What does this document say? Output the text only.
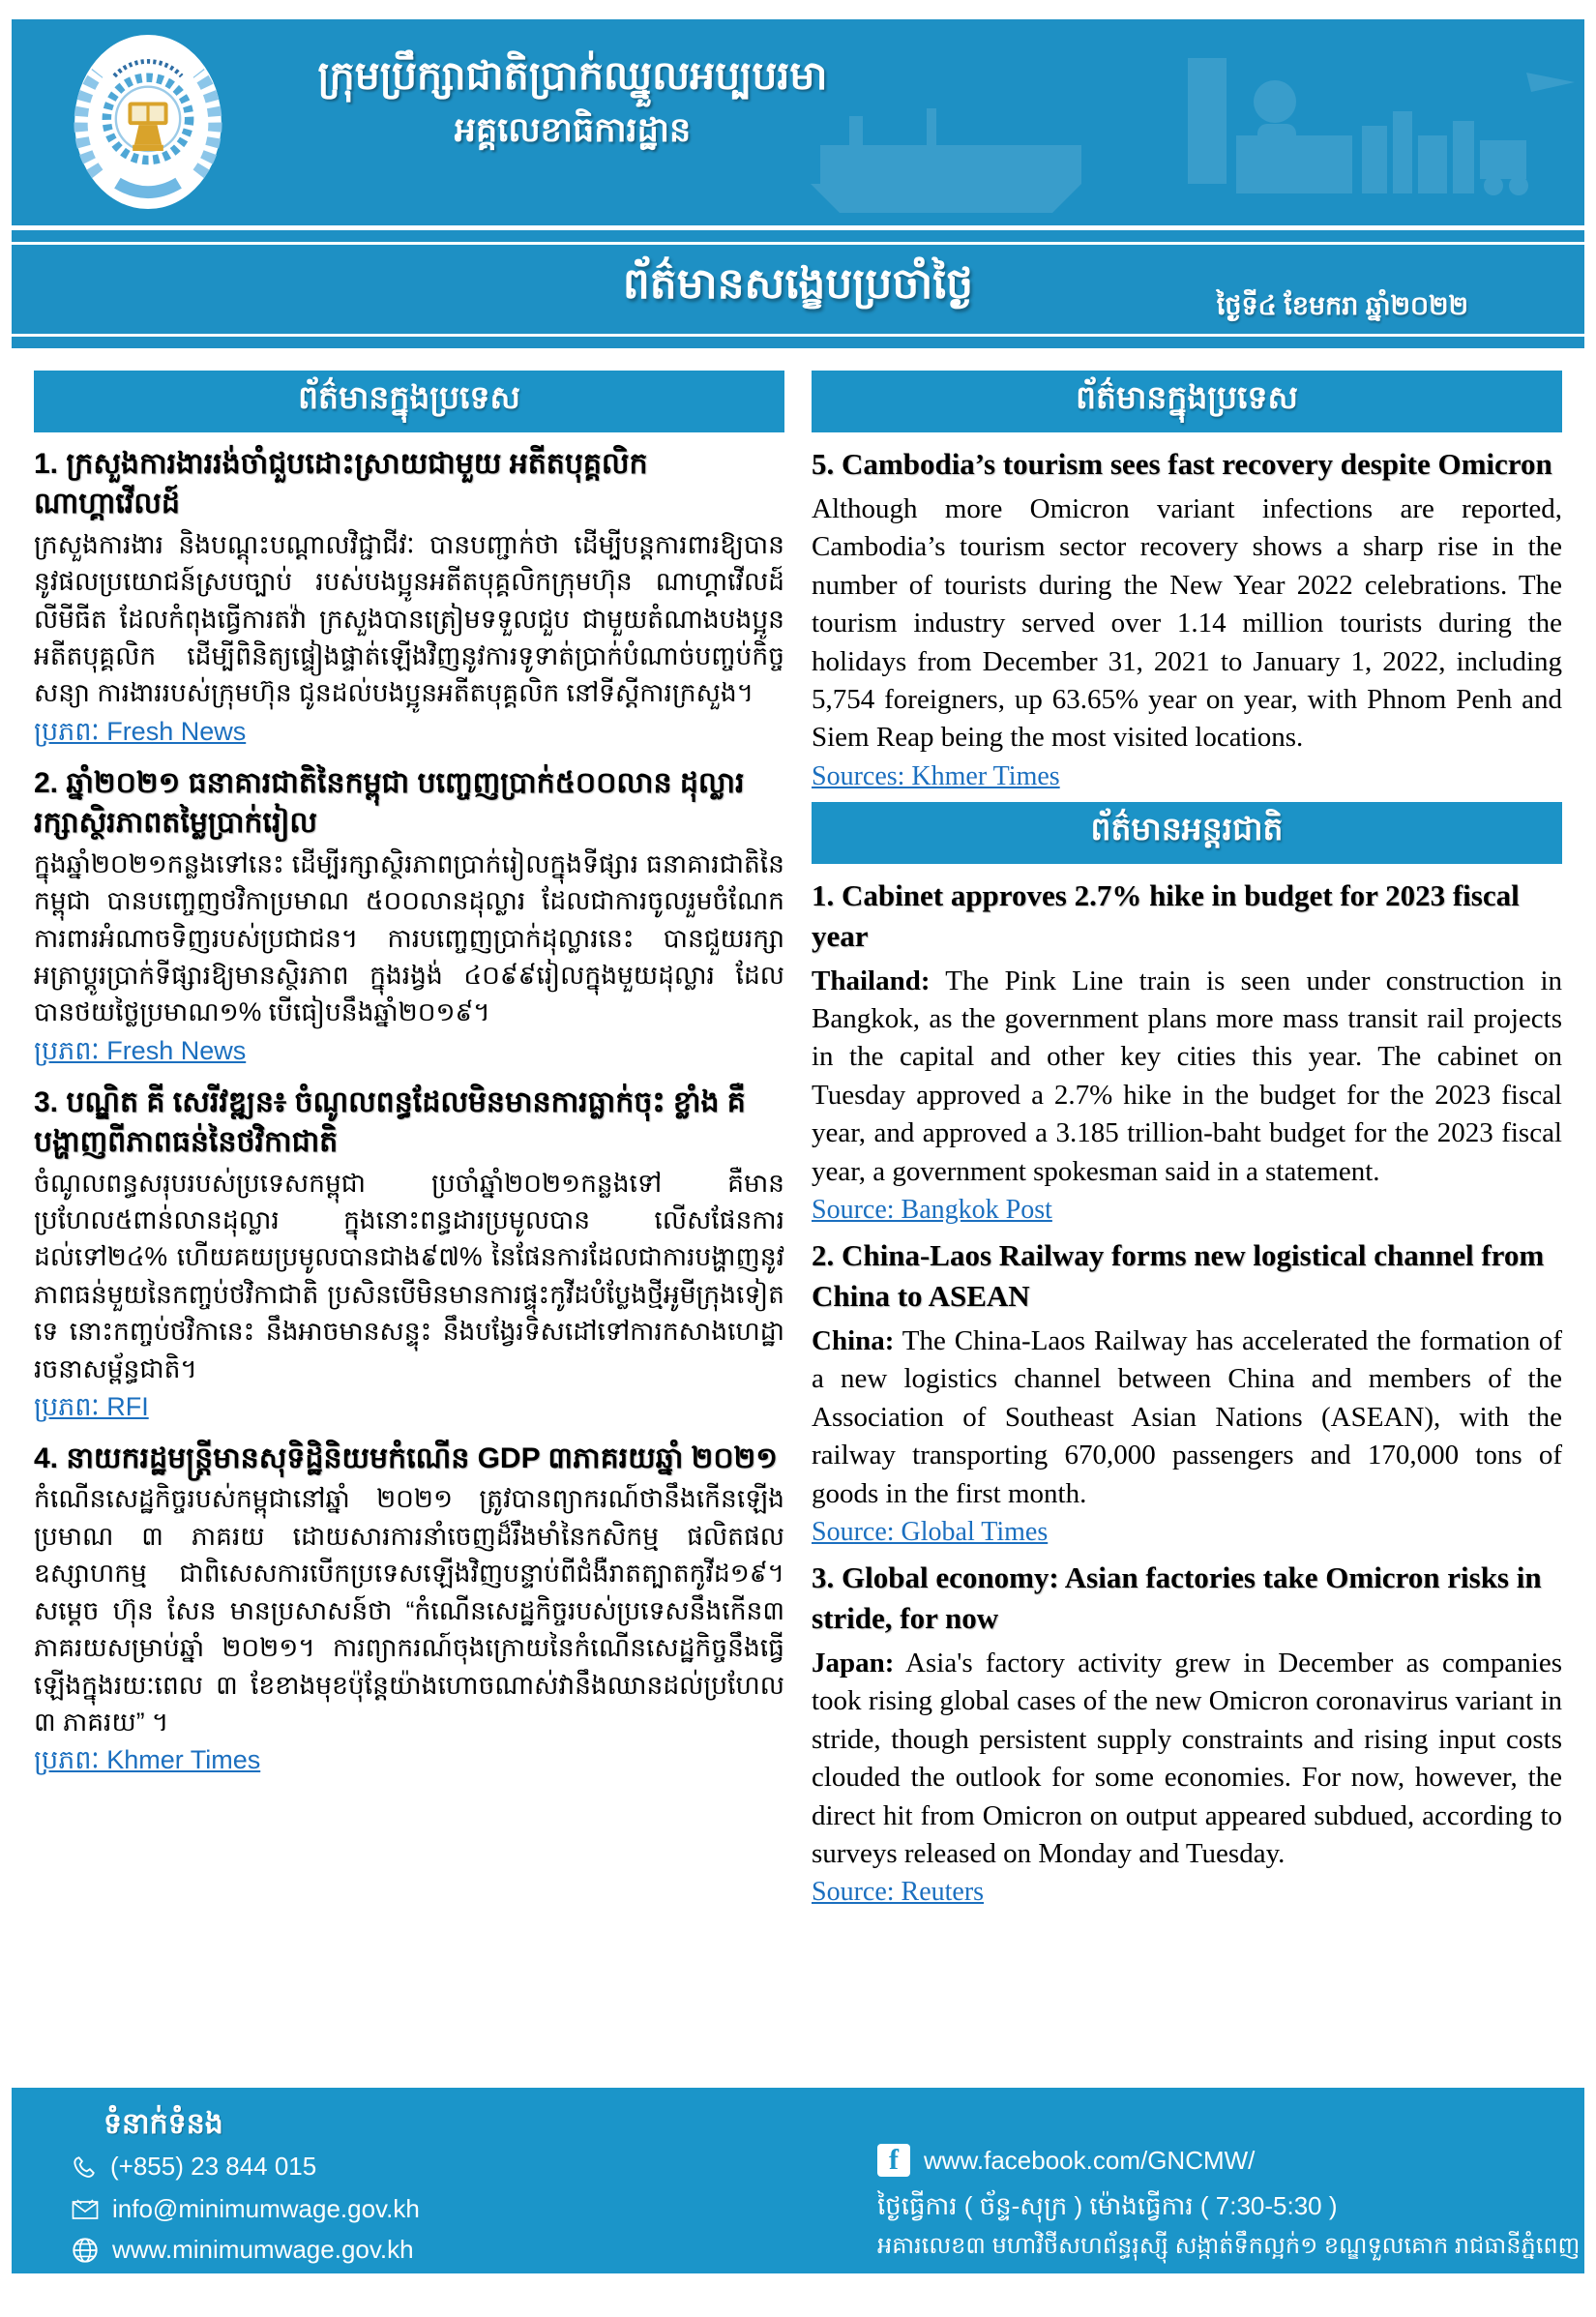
ក្រុមប្រឹក្សាជាតិប្រាក់ឈ្នួលអប្បបរមា
អគ្គលេខាធិការដ្ឋាន
ព័ត៌មានសង្ខេបប្រចាំថ្ងៃ	ថ្ងៃទី៤ ខែមករា ឆ្នាំ២០២២
ព័ត៌មានក្នុងប្រទេស
1. ក្រសួងការងាររង់ចាំជួបដោះស្រាយជាមួយ អតីតបុគ្គលិក ណាហ្គាវើលដ៍

ក្រសួងការងារ និងបណ្តុះបណ្តាលវិជ្ជាជីវៈ បានបញ្ជាក់ថា ដើម្បីបន្តការពារឱ្យបាននូវផលប្រយោជន៍ស្របច្បាប់ របស់បងប្អូនអតីតបុគ្គលិកក្រុមហ៊ុន ណាហ្គាវើលដ៍ លីមីធីត ដែលកំពុងធ្វើការតវ៉ា ក្រសួងបានត្រៀមទទួលជួប ជាមួយតំណាងបងប្អូនអតីតបុគ្គលិក ដើម្បីពិនិត្យផ្ទៀងផ្ទាត់ឡើងវិញនូវការទូទាត់ប្រាក់បំណាច់បញ្ចប់កិច្ចសន្យា ការងាររបស់ក្រុមហ៊ុន ជូនដល់បងប្អូនអតីតបុគ្គលិក នៅទីស្តីការក្រសួង។

ប្រភពៈ Fresh News
2. ឆ្នាំ២០២១ ធនាគារជាតិនៃកម្ពុជា បញ្ចេញប្រាក់៥០០លាន ដុល្លារ រក្សាស្ថិរភាពតម្លៃប្រាក់រៀល

ក្នុងឆ្នាំ២០២១កន្លងទៅនេះ ដើម្បីរក្សាស្ថិរភាពប្រាក់រៀលក្នុងទីផ្សារ ធនាគារជាតិនៃកម្ពុជា បានបញ្ចេញថវិកាប្រមាណ ៥០០លានដុល្លារ ដែលជាការចូលរួមចំណែកការពារអំណាចទិញរបស់ប្រជាជន។ ការបញ្ចេញប្រាក់ដុល្លារនេះ បានជួយរក្សាអត្រាប្តូរប្រាក់ទីផ្សារឱ្យមានស្ថិរភាព ក្នុងរង្វង់ ៤០៩៩រៀលក្នុងមួយដុល្លារ ដែលបានថយថ្លៃប្រមាណ១% បើធៀបនឹងឆ្នាំ២០១៩។

ប្រភពៈ Fresh News
3. បណ្ឌិត គី សេរីវឌ្ឍន៖ ចំណូលពន្ធដែលមិនមានការធ្លាក់ចុះ ខ្លាំង គឺបង្ហាញពីភាពធន់នៃថវិកាជាតិ

ចំណូលពន្ធសរុបរបស់ប្រទេសកម្ពុជា ប្រចាំឆ្នាំ២០២១កន្លងទៅ គឺមានប្រហែល៥ពាន់លានដុល្លារ ក្នុងនោះពន្ធដារប្រមូលបាន លើសផែនការដល់ទៅ២៤% ហើយគយប្រមូលបានជាង៩៧% នៃផែនការដែលជាការបង្ហាញនូវភាពធន់មួយនៃកញ្ចប់ថវិកាជាតិ ប្រសិនបើមិនមានការផ្ទុះកូវីដបំប្លែងថ្មីអូមីក្រុងទៀតទេ នោះកញ្ចប់ថវិកានេះ នឹងអាចមានសន្ទុះ នឹងបង្វែរទិសដៅទៅការកសាងហេដ្ឋារចនាសម្ព័ន្ធជាតិ។

ប្រភពៈ RFI
4. នាយករដ្ឋមន្ត្រីមានសុទិដ្ឋិនិយមកំណើន GDP ៣ភាគរយឆ្នាំ ២០២១

កំណើនសេដ្ឋកិច្ចរបស់កម្ពុជានៅឆ្នាំ ២០២១ ត្រូវបានព្យាករណ៍ថានឹងកើនឡើងប្រមាណ ៣ ភាគរយ ដោយសារការនាំចេញដ៏រឹងមាំនៃកសិកម្ម ផលិតផលឧស្សាហកម្ម ជាពិសេសការបើកប្រទេសឡើងវិញបន្ទាប់ពីជំងឺរាតត្បាតកូវីដ១៩។ សម្តេច ហ៊ុន សែន មានប្រសាសន៍ថា “កំណើនសេដ្ឋកិច្ចរបស់ប្រទេសនឹងកើន៣ ភាគរយសម្រាប់ឆ្នាំ ២០២១។ ការព្យាករណ៍ចុងក្រោយនៃកំណើនសេដ្ឋកិច្ចនឹងធ្វើឡើងក្នុងរយៈពេល ៣ ខែខាងមុខប៉ុន្តែយ៉ាងហោចណាស់វានឹងឈានដល់ប្រហែល ៣ ភាគរយ” ។

ប្រភពៈ Khmer Times
ព័ត៌មានក្នុងប្រទេស
5. Cambodia’s tourism sees fast recovery despite Omicron

Although more Omicron variant infections are reported, Cambodia’s tourism sector recovery shows a sharp rise in the number of tourists during the New Year 2022 celebrations. The tourism industry served over 1.14 million tourists during the holidays from December 31, 2021 to January 1, 2022, including 5,754 foreigners, up 63.65% year on year, with Phnom Penh and Siem Reap being the most visited locations.

Sources: Khmer Times
ព័ត៌មានអន្តរជាតិ
1. Cabinet approves 2.7% hike in budget for 2023 fiscal year

Thailand: The Pink Line train is seen under construction in Bangkok, as the government plans more mass transit rail projects in the capital and other key cities this year. The cabinet on Tuesday approved a 2.7% hike in the budget for the 2023 fiscal year, and approved a 3.185 trillion-baht budget for the 2023 fiscal year, a government spokesman said in a statement.

Source: Bangkok Post
2. China-Laos Railway forms new logistical channel from China to ASEAN

China: The China-Laos Railway has accelerated the formation of a new logistics channel between China and members of the Association of Southeast Asian Nations (ASEAN), with the railway transporting 670,000 passengers and 170,000 tons of goods in the first month.

Source: Global Times
3. Global economy: Asian factories take Omicron risks in stride, for now

Japan: Asia's factory activity grew in December as companies took rising global cases of the new Omicron coronavirus variant in stride, though persistent supply constraints and rising input costs clouded the outlook for some economies. For now, however, the direct hit from Omicron on output appeared subdued, according to surveys released on Monday and Tuesday.

Source: Reuters
ទំនាក់ទំនង
(+855) 23 844 015
info@minimumwage.gov.kh
www.minimumwage.gov.kh
f	www.facebook.com/GNCMW/
ថ្ងៃធ្វើការ ( ច័ន្ទ-សុក្រ ) ម៉ោងធ្វើការ ( 7:30-5:30 )
អគារលេខ៣ មហាវិថីសហព័ន្ធរុស្ស៊ី សង្កាត់ទឹកល្អក់១ ខណ្ឌទួលគោក រាជធានីភ្នំពេញ
